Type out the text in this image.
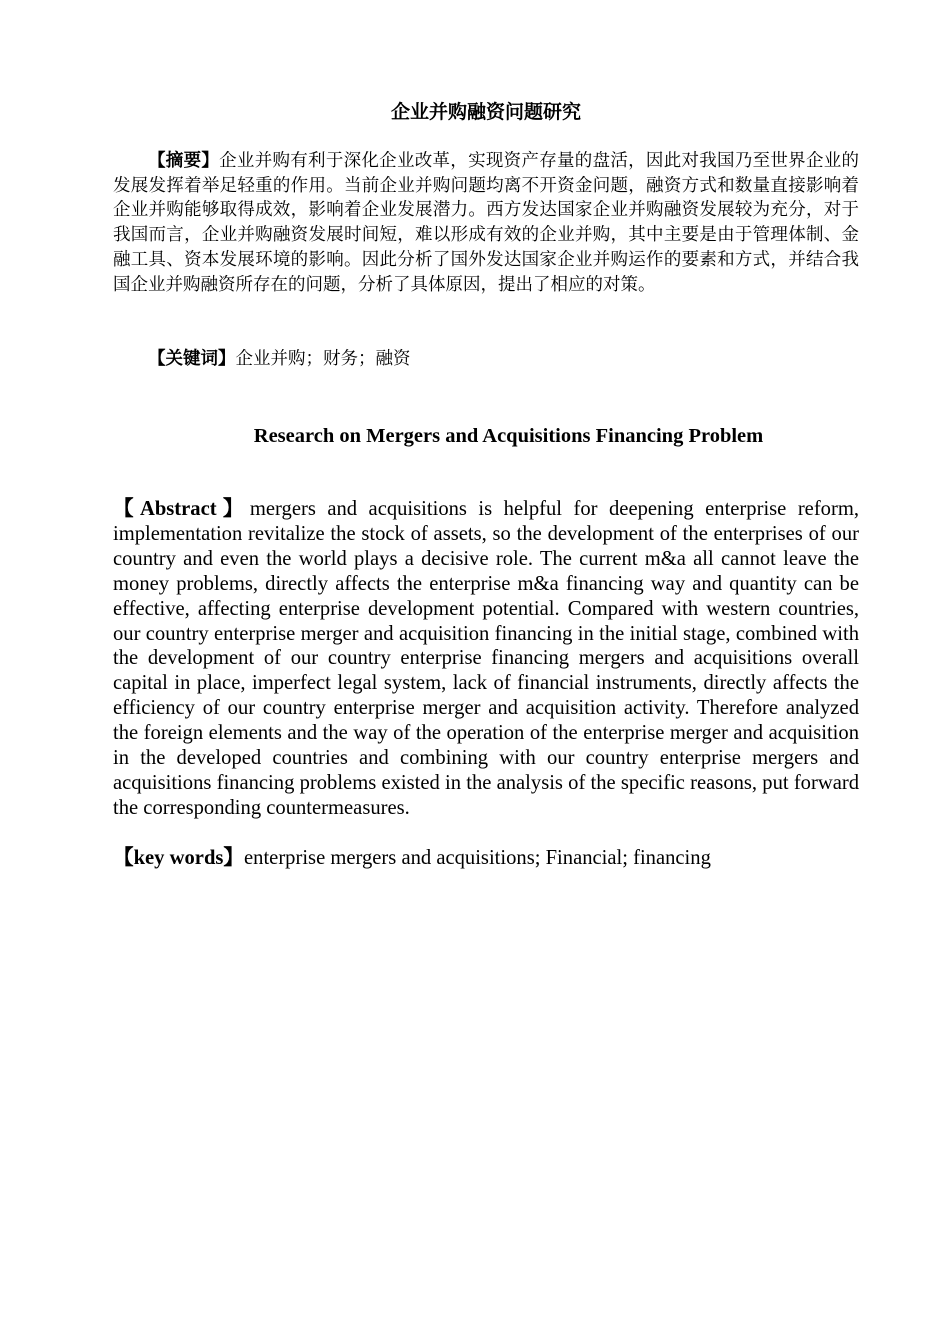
企业并购融资问题研究

【摘要】企业并购有利于深化企业改革，实现资产存量的盘活，因此对我国乃至世界企业的发展发挥着举足轻重的作用。当前企业并购问题均离不开资金问题，融资方式和数量直接影响着企业并购能够取得成效，影响着企业发展潜力。西方发达国家企业并购融资发展较为充分，对于我国而言，企业并购融资发展时间短，难以形成有效的企业并购，其中主要是由于管理体制、金融工具、资本发展环境的影响。因此分析了国外发达国家企业并购运作的要素和方式，并结合我国企业并购融资所存在的问题，分析了具体原因，提出了相应的对策。

【关键词】企业并购；财务；融资

Research on Mergers and Acquisitions Financing Problem

【Abstract】mergers and acquisitions is helpful for deepening enterprise reform, implementation revitalize the stock of assets, so the development of the enterprises of our country and even the world plays a decisive role. The current m&a all cannot leave the money problems, directly affects the enterprise m&a financing way and quantity can be effective, affecting enterprise development potential. Compared with western countries, our country enterprise merger and acquisition financing in the initial stage, combined with the development of our country enterprise financing mergers and acquisitions overall capital in place, imperfect legal system, lack of financial instruments, directly affects the efficiency of our country enterprise merger and acquisition activity. Therefore analyzed the foreign elements and the way of the operation of the enterprise merger and acquisition in the developed countries and combining with our country enterprise mergers and acquisitions financing problems existed in the analysis of the specific reasons, put forward the corresponding countermeasures.

【key words】enterprise mergers and acquisitions; Financial; financing
